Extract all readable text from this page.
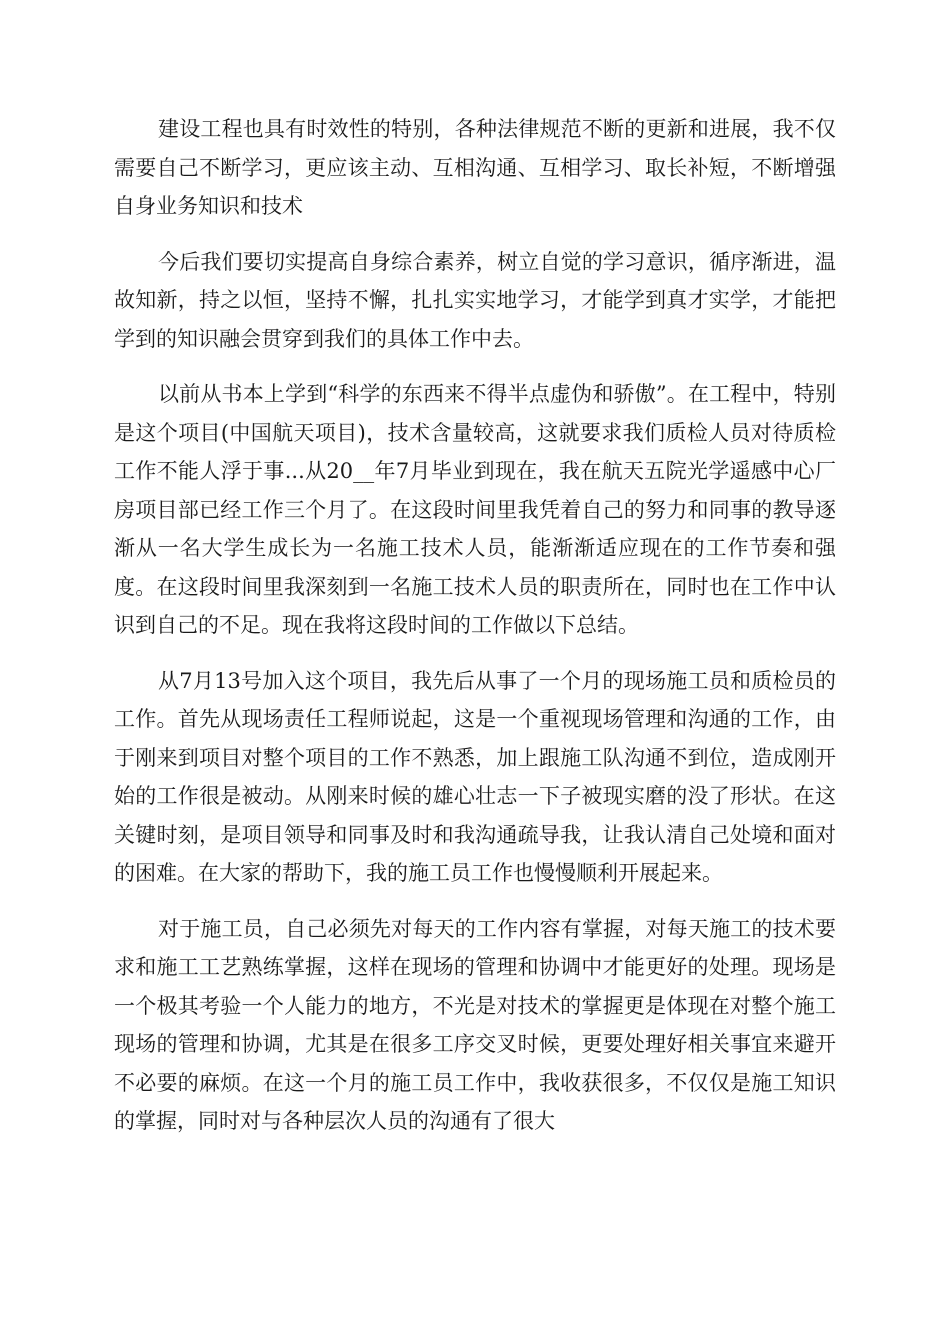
建设工程也具有时效性的特别，各种法律规范不断的更新和进展，我不仅需要自己不断学习，更应该主动、互相沟通、互相学习、取长补短，不断增强自身业务知识和技术

今后我们要切实提高自身综合素养，树立自觉的学习意识，循序渐进，温故知新，持之以恒，坚持不懈，扎扎实实地学习，才能学到真才实学，才能把学到的知识融会贯穿到我们的具体工作中去。

以前从书本上学到“科学的东西来不得半点虚伪和骄傲”。在工程中，特别是这个项目(中国航天项目)，技术含量较高，这就要求我们质检人员对待质检工作不能人浮于事...从20__年7月毕业到现在，我在航天五院光学遥感中心厂房项目部已经工作三个月了。在这段时间里我凭着自己的努力和同事的教导逐渐从一名大学生成长为一名施工技术人员，能渐渐适应现在的工作节奏和强度。在这段时间里我深刻到一名施工技术人员的职责所在，同时也在工作中认识到自己的不足。现在我将这段时间的工作做以下总结。

从7月13号加入这个项目，我先后从事了一个月的现场施工员和质检员的工作。首先从现场责任工程师说起，这是一个重视现场管理和沟通的工作，由于刚来到项目对整个项目的工作不熟悉，加上跟施工队沟通不到位，造成刚开始的工作很是被动。从刚来时候的雄心壮志一下子被现实磨的没了形状。在这关键时刻，是项目领导和同事及时和我沟通疏导我，让我认清自己处境和面对的困难。在大家的帮助下，我的施工员工作也慢慢顺利开展起来。

对于施工员，自己必须先对每天的工作内容有掌握，对每天施工的技术要求和施工工艺熟练掌握，这样在现场的管理和协调中才能更好的处理。现场是一个极其考验一个人能力的地方，不光是对技术的掌握更是体现在对整个施工现场的管理和协调，尤其是在很多工序交叉时候，更要处理好相关事宜来避开不必要的麻烦。在这一个月的施工员工作中，我收获很多，不仅仅是施工知识的掌握，同时对与各种层次人员的沟通有了很大
